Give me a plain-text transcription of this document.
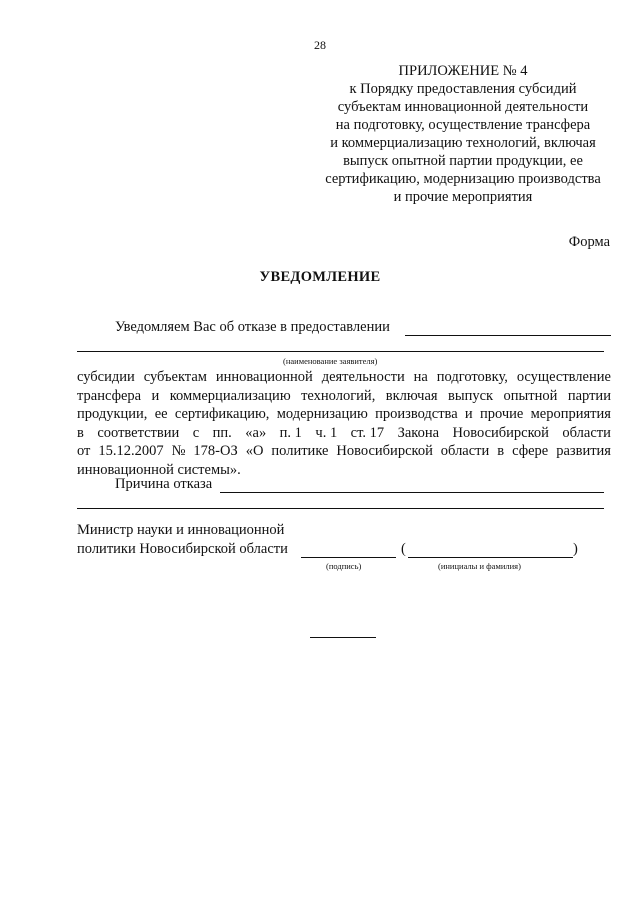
28
ПРИЛОЖЕНИЕ № 4
к Порядку предоставления субсидий
субъектам инновационной деятельности
на подготовку, осуществление трансфера
и коммерциализацию технологий, включая
выпуск опытной партии продукции, ее
сертификацию, модернизацию производства
и прочие мероприятия
Форма
УВЕДОМЛЕНИЕ
Уведомляем Вас об отказе в предоставлении
(наименование заявителя)
субсидии субъектам инновационной деятельности на подготовку, осуществление
трансфера и коммерциализацию технологий, включая выпуск опытной партии
продукции, ее сертификацию, модернизацию производства и прочие мероприятия
в соответствии с пп. «а» п. 1 ч. 1 ст. 17 Закона Новосибирской области
от 15.12.2007 № 178-ОЗ «О политике Новосибирской области в сфере развития
инновационной системы».
Причина отказа
Министр науки и инновационной
политики Новосибирской области	(	)
(подпись)	(инициалы и фамилия)
